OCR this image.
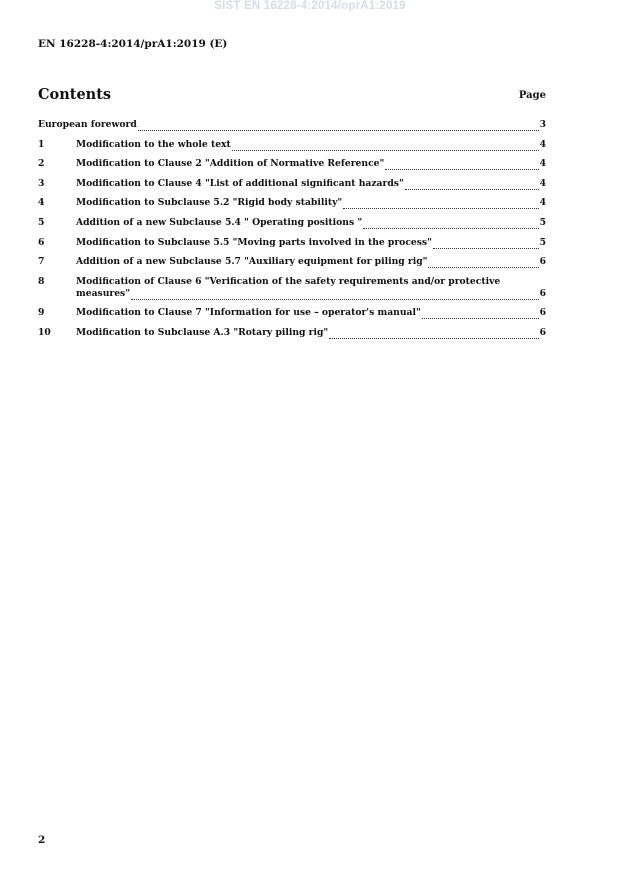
SIST EN 16228-4:2014/oprA1:2019
EN 16228-4:2014/prA1:2019 (E)
Contents	Page
European foreword	3
1	Modification to the whole text	4
2	Modification to Clause 2 "Addition of Normative Reference"	4
3	Modification to Clause 4 "List of additional significant hazards"	4
4	Modification to Subclause 5.2 "Rigid body stability"	4
5	Addition of a new Subclause 5.4 " Operating positions "	5
6	Modification to Subclause 5.5 "Moving parts involved in the process"	5
7	Addition of a new Subclause 5.7 "Auxiliary equipment for piling rig"	6
8	Modification of Clause 6 "Verification of the safety requirements and/or protective
measures"	6
9	Modification to Clause 7 "Information for use – operator's manual"	6
10	Modification to Subclause A.3 "Rotary piling rig"	6
2
